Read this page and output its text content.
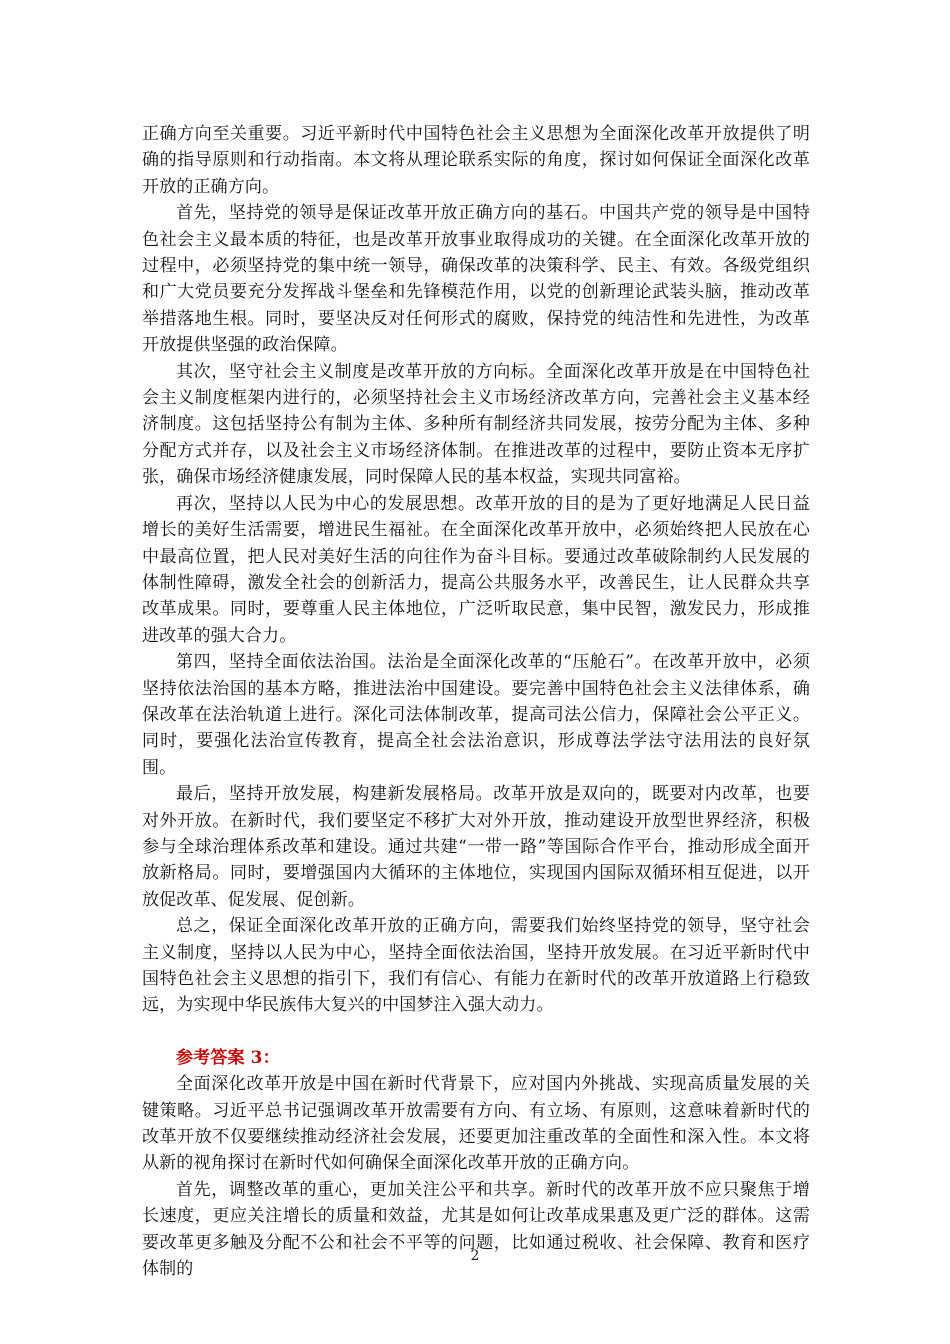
正确方向至关重要。习近平新时代中国特色社会主义思想为全面深化改革开放提供了明确的指导原则和行动指南。本文将从理论联系实际的角度，探讨如何保证全面深化改革开放的正确方向。

首先，坚持党的领导是保证改革开放正确方向的基石。中国共产党的领导是中国特色社会主义最本质的特征，也是改革开放事业取得成功的关键。在全面深化改革开放的过程中，必须坚持党的集中统一领导，确保改革的决策科学、民主、有效。各级党组织和广大党员要充分发挥战斗堡垒和先锋模范作用，以党的创新理论武装头脑，推动改革举措落地生根。同时，要坚决反对任何形式的腐败，保持党的纯洁性和先进性，为改革开放提供坚强的政治保障。

其次，坚守社会主义制度是改革开放的方向标。全面深化改革开放是在中国特色社会主义制度框架内进行的，必须坚持社会主义市场经济改革方向，完善社会主义基本经济制度。这包括坚持公有制为主体、多种所有制经济共同发展，按劳分配为主体、多种分配方式并存，以及社会主义市场经济体制。在推进改革的过程中，要防止资本无序扩张，确保市场经济健康发展，同时保障人民的基本权益，实现共同富裕。

再次，坚持以人民为中心的发展思想。改革开放的目的是为了更好地满足人民日益增长的美好生活需要，增进民生福祉。在全面深化改革开放中，必须始终把人民放在心中最高位置，把人民对美好生活的向往作为奋斗目标。要通过改革破除制约人民发展的体制性障碍，激发全社会的创新活力，提高公共服务水平，改善民生，让人民群众共享改革成果。同时，要尊重人民主体地位，广泛听取民意，集中民智，激发民力，形成推进改革的强大合力。

第四，坚持全面依法治国。法治是全面深化改革的“压舱石”。在改革开放中，必须坚持依法治国的基本方略，推进法治中国建设。要完善中国特色社会主义法律体系，确保改革在法治轨道上进行。深化司法体制改革，提高司法公信力，保障社会公平正义。同时，要强化法治宣传教育，提高全社会法治意识，形成尊法学法守法用法的良好氛围。

最后，坚持开放发展，构建新发展格局。改革开放是双向的，既要对内改革，也要对外开放。在新时代，我们要坚定不移扩大对外开放，推动建设开放型世界经济，积极参与全球治理体系改革和建设。通过共建“一带一路”等国际合作平台，推动形成全面开放新格局。同时，要增强国内大循环的主体地位，实现国内国际双循环相互促进，以开放促改革、促发展、促创新。

总之，保证全面深化改革开放的正确方向，需要我们始终坚持党的领导，坚守社会主义制度，坚持以人民为中心，坚持全面依法治国，坚持开放发展。在习近平新时代中国特色社会主义思想的指引下，我们有信心、有能力在新时代的改革开放道路上行稳致远，为实现中华民族伟大复兴的中国梦注入强大动力。

参考答案 3：

全面深化改革开放是中国在新时代背景下，应对国内外挑战、实现高质量发展的关键策略。习近平总书记强调改革开放需要有方向、有立场、有原则，这意味着新时代的改革开放不仅要继续推动经济社会发展，还要更加注重改革的全面性和深入性。本文将从新的视角探讨在新时代如何确保全面深化改革开放的正确方向。

首先，调整改革的重心，更加关注公平和共享。新时代的改革开放不应只聚焦于增长速度，更应关注增长的质量和效益，尤其是如何让改革成果惠及更广泛的群体。这需要改革更多触及分配不公和社会不平等的问题，比如通过税收、社会保障、教育和医疗体制的

2
